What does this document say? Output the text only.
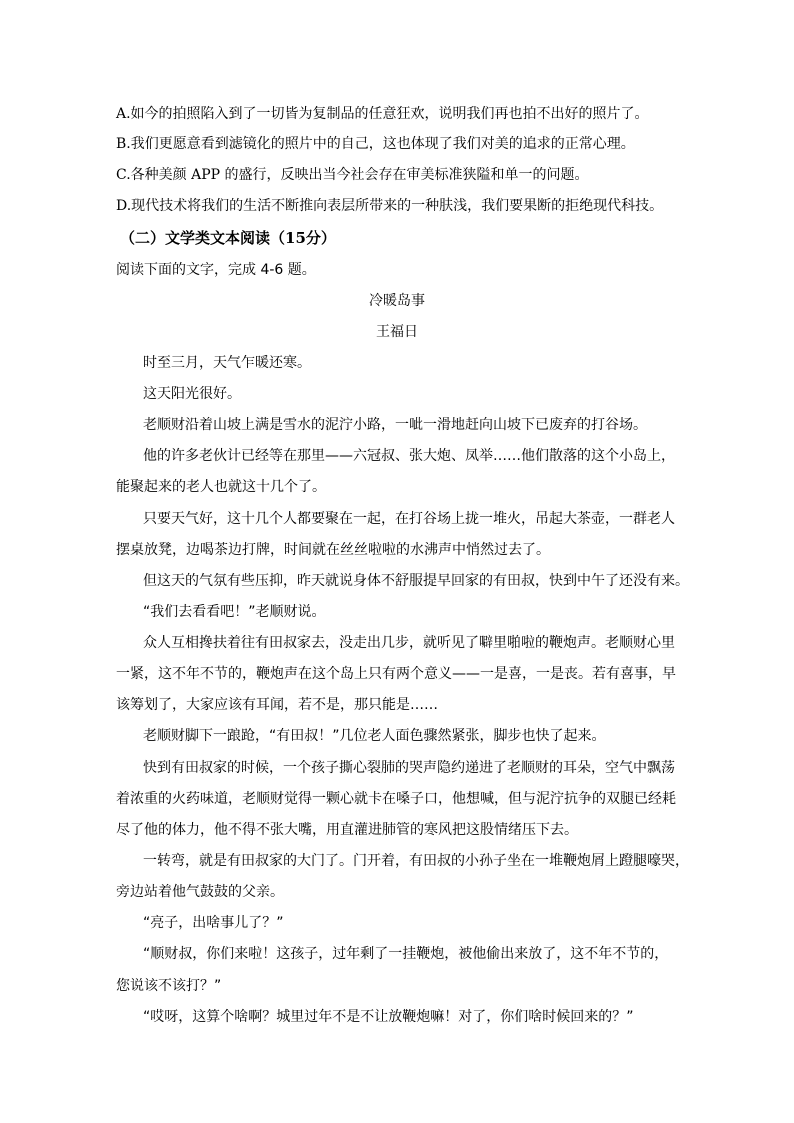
A.如今的拍照陷入到了一切皆为复制品的任意狂欢，说明我们再也拍不出好的照片了。
B.我们更愿意看到滤镜化的照片中的自己，这也体现了我们对美的追求的正常心理。
C.各种美颜 APP 的盛行，反映出当今社会存在审美标准狭隘和单一的问题。
D.现代技术将我们的生活不断推向表层所带来的一种肤浅，我们要果断的拒绝现代科技。
（二）文学类文本阅读（15分）
阅读下面的文字，完成 4-6 题。
冷暖岛事
王福日
时至三月，天气乍暖还寒。
这天阳光很好。
老顺财沿着山坡上满是雪水的泥泞小路，一呲一滑地赶向山坡下已废弃的打谷场。
他的许多老伙计已经等在那里——六冠叔、张大炮、凤举……他们散落的这个小岛上，
能聚起来的老人也就这十几个了。
只要天气好，这十几个人都要聚在一起，在打谷场上拢一堆火，吊起大茶壶，一群老人
摆桌放凳，边喝茶边打牌，时间就在丝丝啦啦的水沸声中悄然过去了。
但这天的气氛有些压抑，昨天就说身体不舒服提早回家的有田叔，快到中午了还没有来。
“我们去看看吧！”老顺财说。
众人互相搀扶着往有田叔家去，没走出几步，就听见了噼里啪啦的鞭炮声。老顺财心里
一紧，这不年不节的，鞭炮声在这个岛上只有两个意义——一是喜，一是丧。若有喜事，早
该筹划了，大家应该有耳闻，若不是，那只能是……
老顺财脚下一踉跄，“有田叔！”几位老人面色骤然紧张，脚步也快了起来。
快到有田叔家的时候，一个孩子撕心裂肺的哭声隐约递进了老顺财的耳朵，空气中飘荡
着浓重的火药味道，老顺财觉得一颗心就卡在嗓子口，他想喊，但与泥泞抗争的双腿已经耗
尽了他的体力，他不得不张大嘴，用直灌进肺管的寒风把这股情绪压下去。
一转弯，就是有田叔家的大门了。门开着，有田叔的小孙子坐在一堆鞭炮屑上蹬腿嚎哭，
旁边站着他气鼓鼓的父亲。
“亮子，出啥事儿了？”
“顺财叔，你们来啦！这孩子，过年剩了一挂鞭炮，被他偷出来放了，这不年不节的，
您说该不该打？”
“哎呀，这算个啥啊？城里过年不是不让放鞭炮嘛！对了，你们啥时候回来的？”
